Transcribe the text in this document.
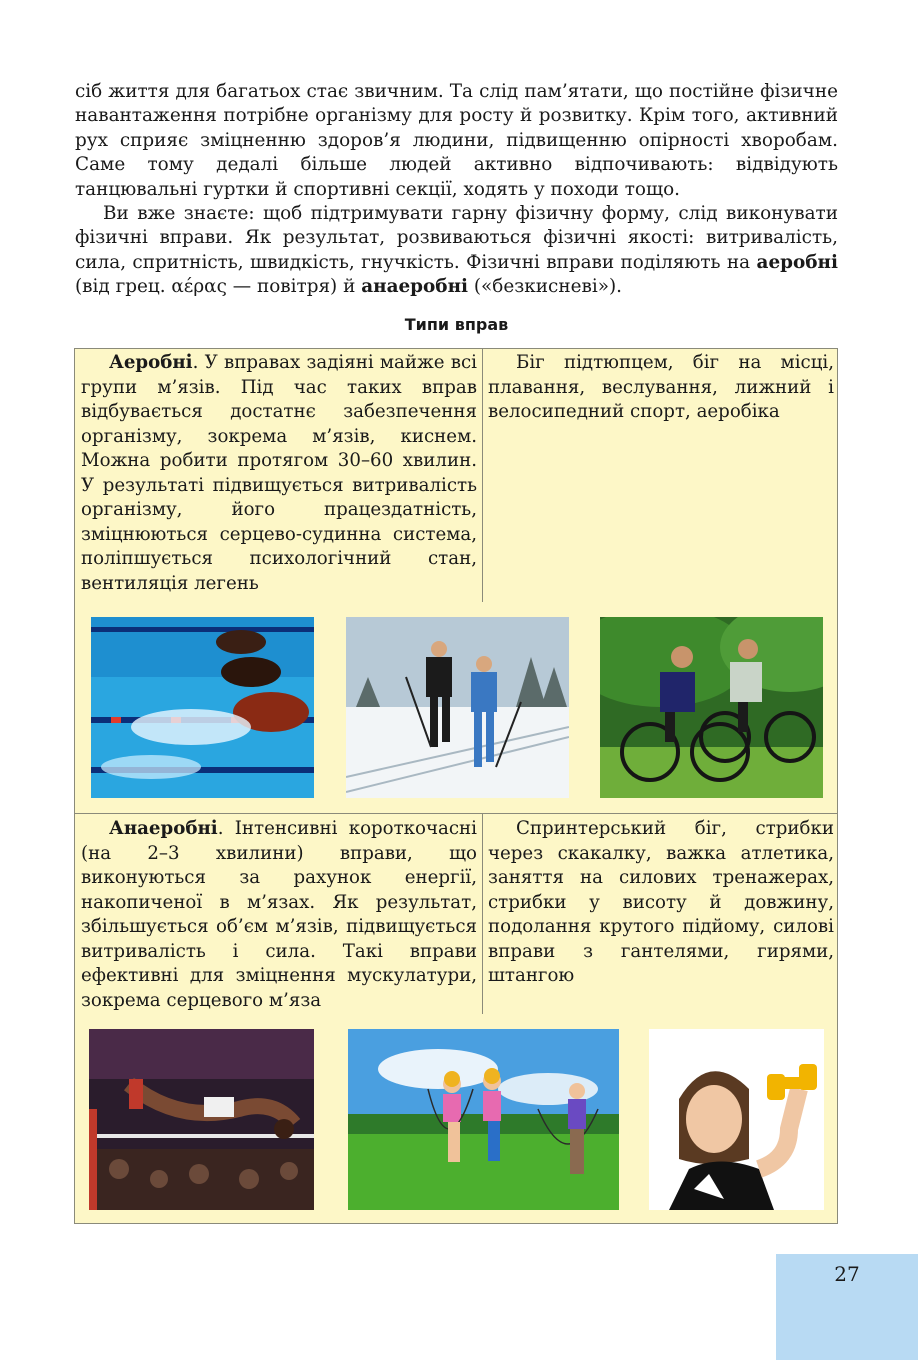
сіб життя для багатьох стає звичним. Та слід пам’ятати, що постійне фізичне навантаження потрібне організму для росту й розвитку. Крім того, активний рух сприяє зміцненню здоров’я людини, підвищенню опірності хворобам. Саме тому дедалі більше людей активно відпочивають: відвідують танцювальні гуртки й спортивні секції, ходять у походи тощо.

Ви вже знаєте: щоб підтримувати гарну фізичну форму, слід виконувати фізичні вправи. Як результат, розвиваються фізичні якості: витривалість, сила, спритність, швидкість, гнучкість. Фізичні вправи поділяють на аеробні (від грец. αέρας — повітря) й анаеробні («безкисневі»).

Типи вправ

Аеробні. У вправах задіяні майже всі групи м’язів. Під час таких вправ відбувається достатнє забезпечення організму, зокрема м’язів, киснем. Можна робити протягом 30–60 хвилин. У результаті підвищується витривалість організму, його працездатність, зміцнюються серцево-судинна система, поліпшується психологічний стан, вентиляція легень

Біг підтюпцем, біг на місці, плавання, веслування, лижний і велосипедний спорт, аеробіка

Анаеробні. Інтенсивні короткочасні (на 2–3 хвилини) вправи, що виконуються за рахунок енергії, накопиченої в м’язах. Як результат, збільшується об’єм м’язів, підвищується витривалість і сила. Такі вправи ефективні для зміцнення мускулатури, зокрема серцевого м’яза

Спринтерський біг, стрибки через скакалку, важка атлетика, заняття на силових тренажерах, стрибки у висоту й довжину, подолання крутого підйому, силові вправи з гантелями, гирями, штангою

27
